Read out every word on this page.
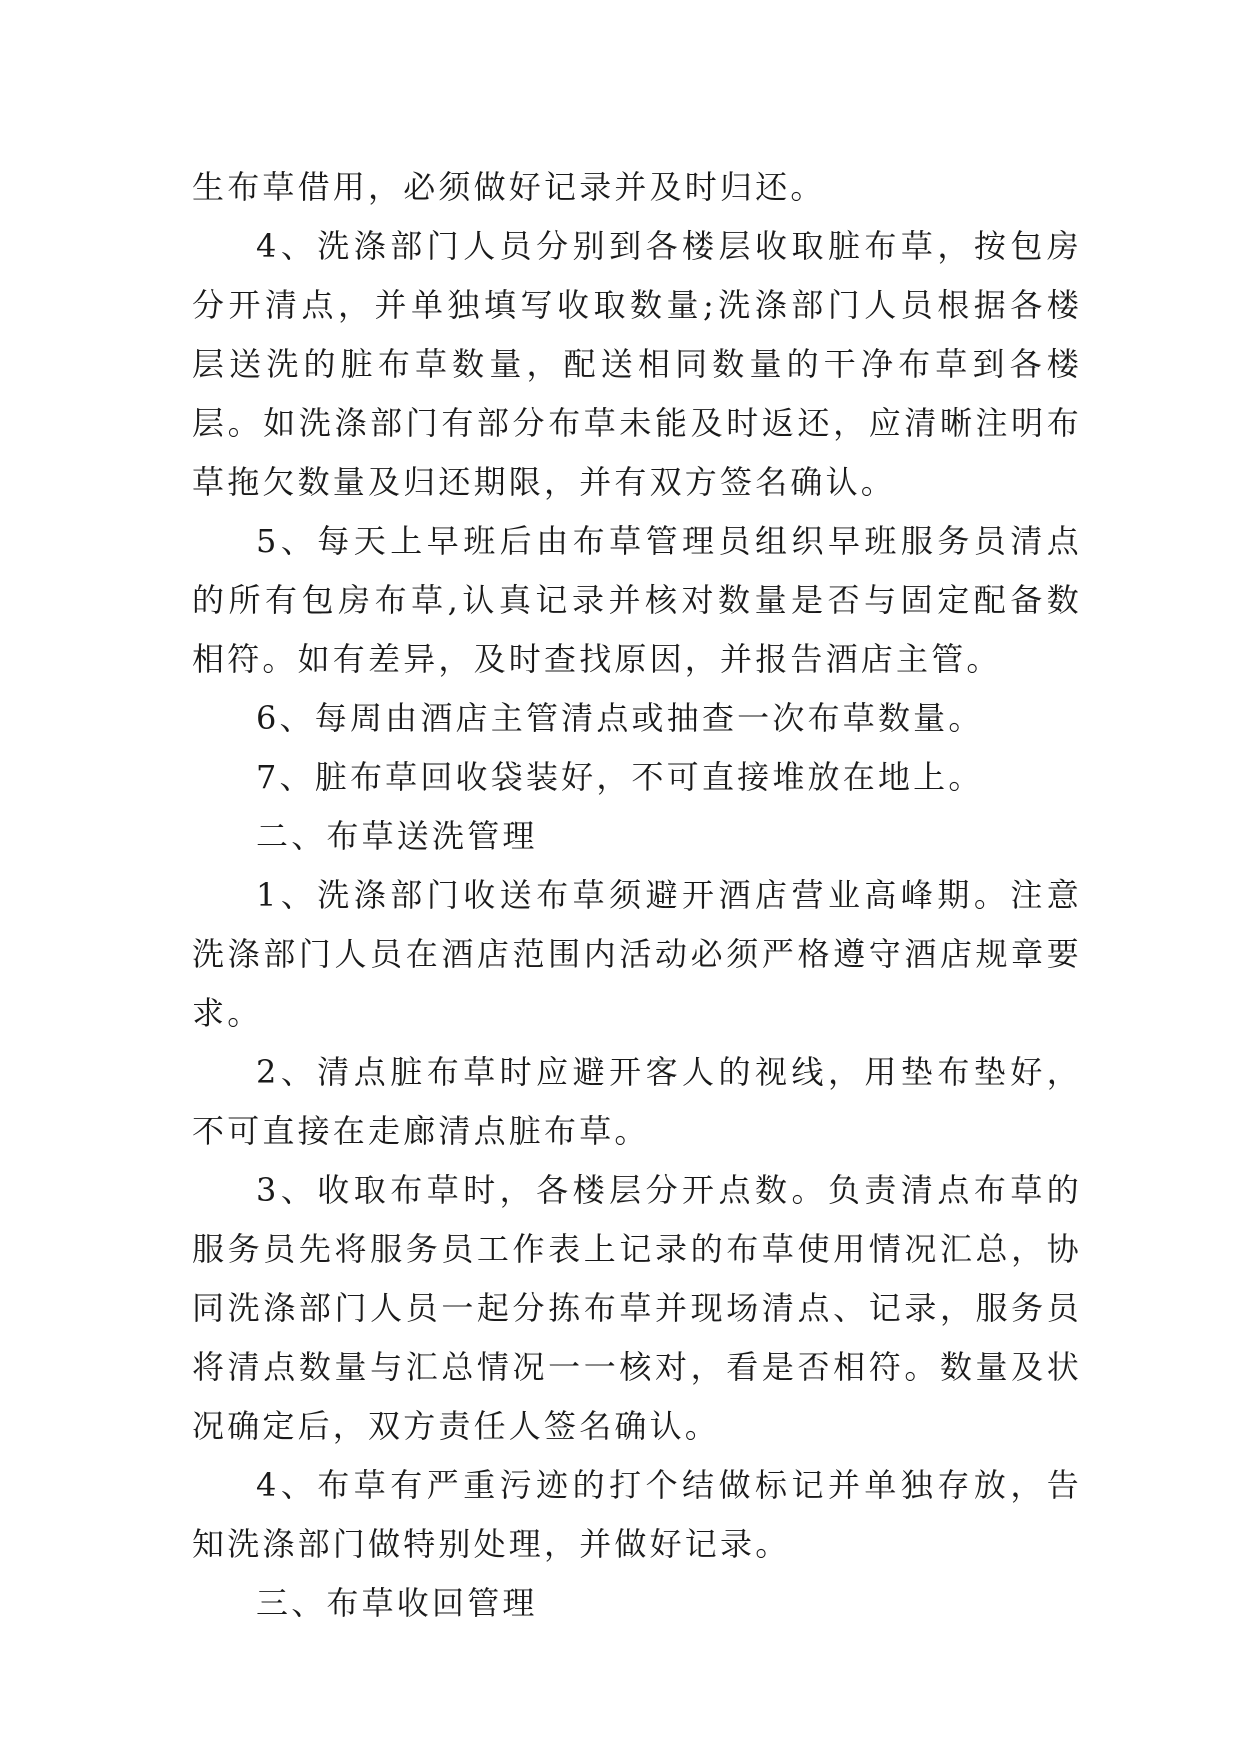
生布草借用，必须做好记录并及时归还。

4、洗涤部门人员分别到各楼层收取脏布草，按包房分开清点，并单独填写收取数量;洗涤部门人员根据各楼层送洗的脏布草数量，配送相同数量的干净布草到各楼层。如洗涤部门有部分布草未能及时返还，应清晰注明布草拖欠数量及归还期限，并有双方签名确认。

5、每天上早班后由布草管理员组织早班服务员清点的所有包房布草,认真记录并核对数量是否与固定配备数相符。如有差异，及时查找原因，并报告酒店主管。

6、每周由酒店主管清点或抽查一次布草数量。

7、脏布草回收袋装好，不可直接堆放在地上。

二、布草送洗管理

1、洗涤部门收送布草须避开酒店营业高峰期。注意洗涤部门人员在酒店范围内活动必须严格遵守酒店规章要求。

2、清点脏布草时应避开客人的视线，用垫布垫好，不可直接在走廊清点脏布草。

3、收取布草时，各楼层分开点数。负责清点布草的服务员先将服务员工作表上记录的布草使用情况汇总，协同洗涤部门人员一起分拣布草并现场清点、记录，服务员将清点数量与汇总情况一一核对，看是否相符。数量及状况确定后，双方责任人签名确认。

4、布草有严重污迹的打个结做标记并单独存放，告知洗涤部门做特别处理，并做好记录。

三、布草收回管理
